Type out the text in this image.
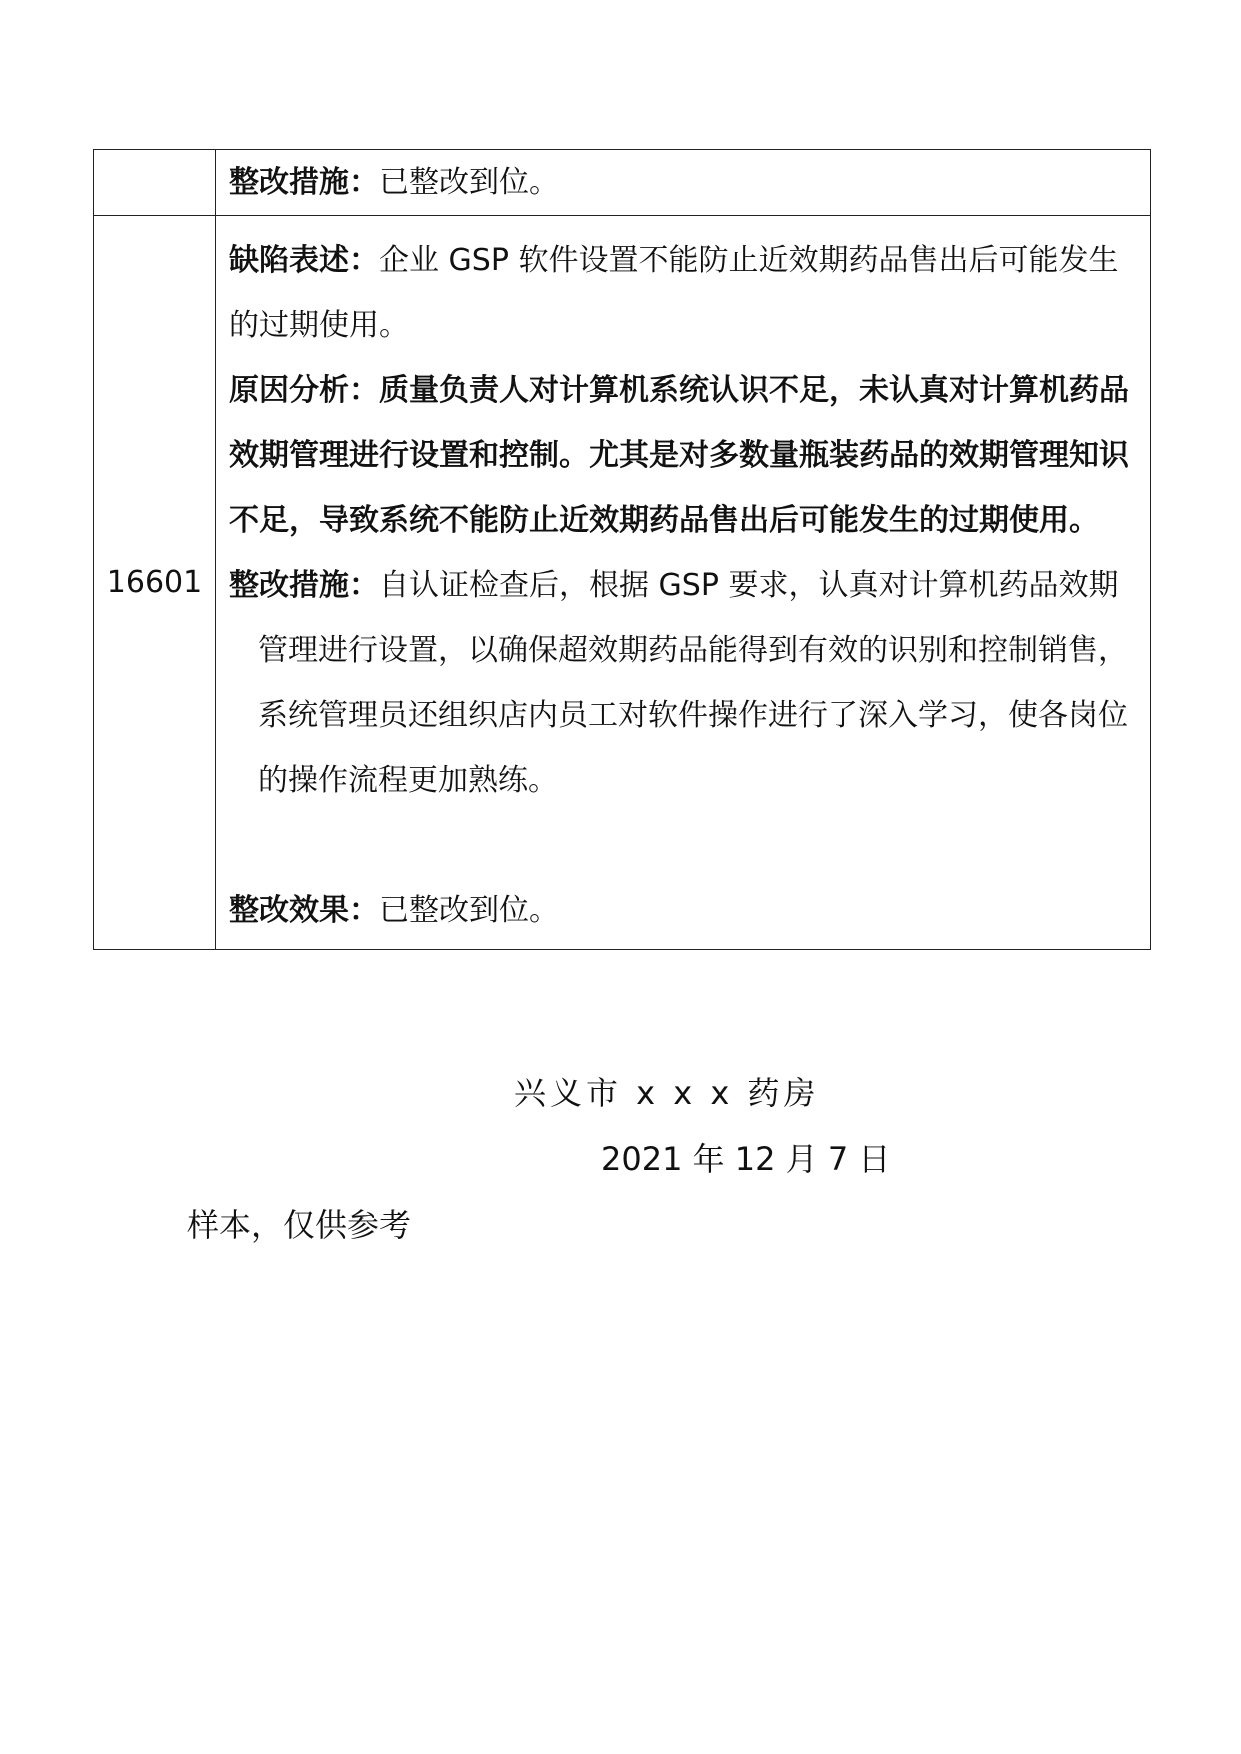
	整改措施：已整改到位。

16601	缺陷表述：企业 GSP 软件设置不能防止近效期药品售出后可能发生的过期使用。

原因分析：质量负责人对计算机系统认识不足，未认真对计算机药品效期管理进行设置和控制。尤其是对多数量瓶装药品的效期管理知识不足，导致系统不能防止近效期药品售出后可能发生的过期使用。

整改措施：自认证检查后，根据 GSP 要求，认真对计算机药品效期管理进行设置，以确保超效期药品能得到有效的识别和控制销售，系统管理员还组织店内员工对软件操作进行了深入学习，使各岗位的操作流程更加熟练。

整改效果：已整改到位。

兴义市 x x x 药房
2021 年 12 月 7 日
样本，仅供参考
